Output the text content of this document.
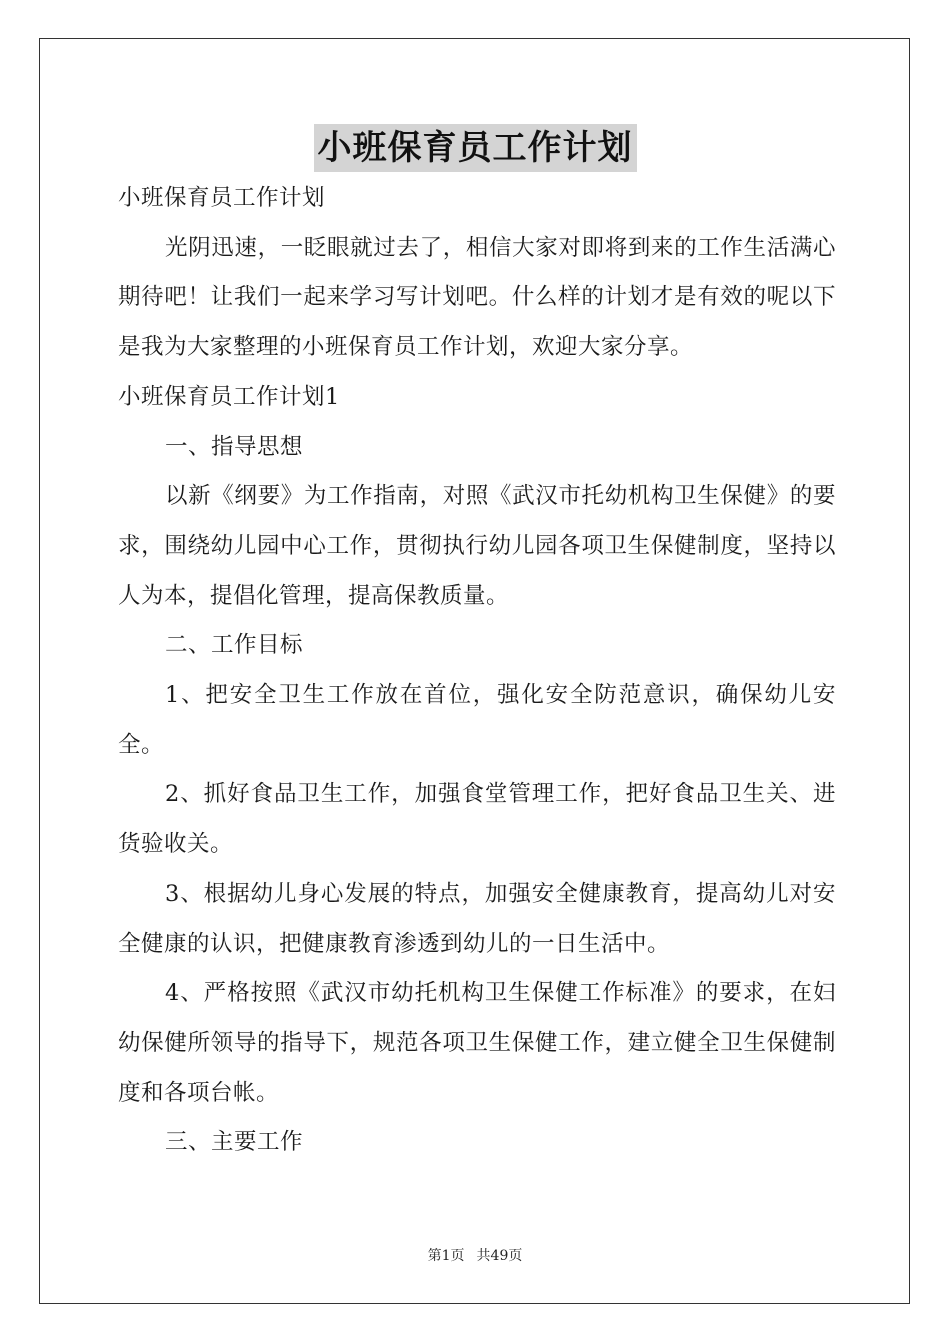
小班保育员工作计划

小班保育员工作计划

光阴迅速，一眨眼就过去了，相信大家对即将到来的工作生活满心期待吧！让我们一起来学习写计划吧。什么样的计划才是有效的呢以下是我为大家整理的小班保育员工作计划，欢迎大家分享。

小班保育员工作计划1

一、指导思想

以新《纲要》为工作指南，对照《武汉市托幼机构卫生保健》的要求，围绕幼儿园中心工作，贯彻执行幼儿园各项卫生保健制度，坚持以人为本，提倡化管理，提高保教质量。

二、工作目标

1、把安全卫生工作放在首位，强化安全防范意识，确保幼儿安全。

2、抓好食品卫生工作，加强食堂管理工作，把好食品卫生关、进货验收关。

3、根据幼儿身心发展的特点，加强安全健康教育，提高幼儿对安全健康的认识，把健康教育渗透到幼儿的一日生活中。

4、严格按照《武汉市幼托机构卫生保健工作标准》的要求，在妇幼保健所领导的指导下，规范各项卫生保健工作，建立健全卫生保健制度和各项台帐。

三、主要工作

第1页 共49页
